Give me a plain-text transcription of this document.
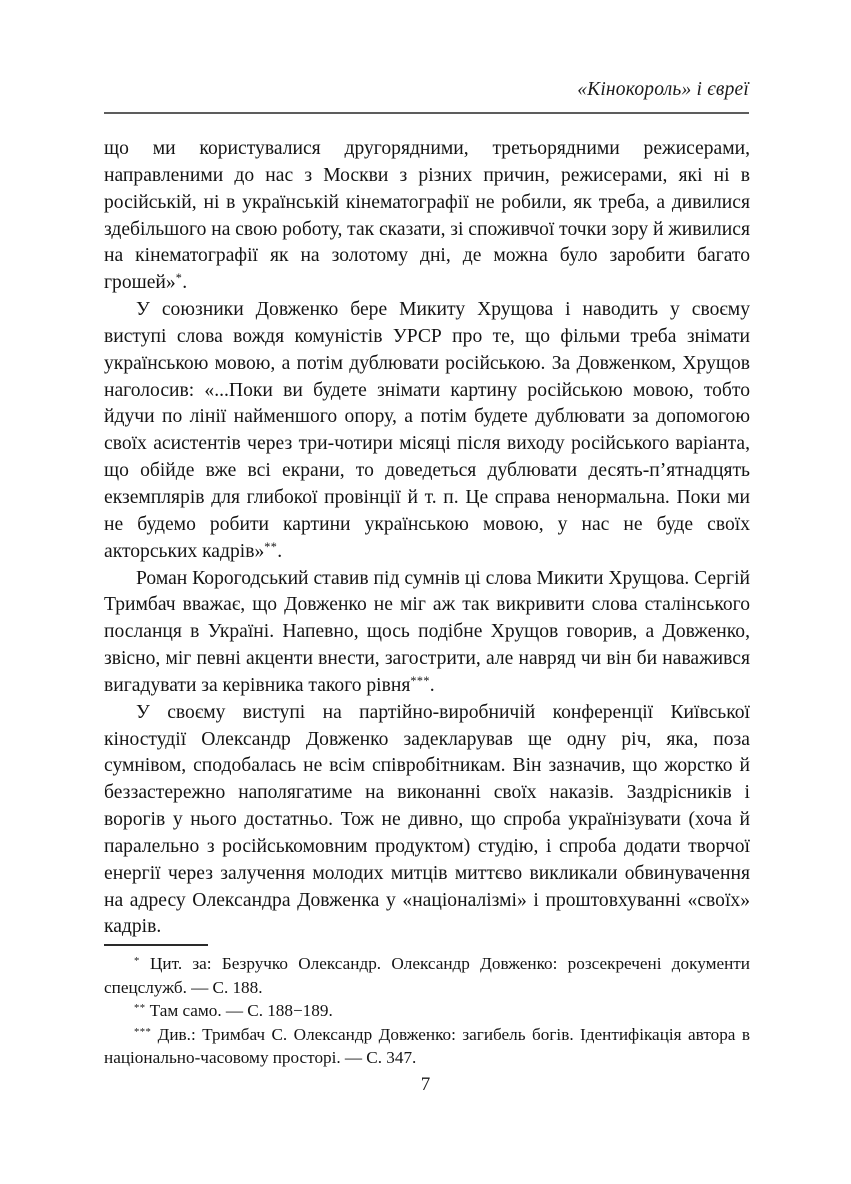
«Кінокороль» і євреї

що ми користувалися другорядними, третьорядними режисерами, направленими до нас з Москви з різних причин, режисерами, які ні в російській, ні в українській кінематографії не робили, як треба, а дивилися здебільшого на свою роботу, так сказати, зі споживчої точки зору й живилися на кінематографії як на золотому дні, де можна було заробити багато грошей»*.

У союзники Довженко бере Микиту Хрущова і наводить у своєму виступі слова вождя комуністів УРСР про те, що фільми треба знімати українською мовою, а потім дублювати російською. За Довженком, Хрущов наголосив: «...Поки ви будете знімати картину російською мовою, тобто йдучи по лінії найменшого опору, а потім будете дублювати за допомогою своїх асистентів через три-чотири місяці після виходу російського варіанта, що обійде вже всі екрани, то доведеться дублювати десять-п’ятнадцять екземплярів для глибокої провінції й т. п. Це справа ненормальна. Поки ми не будемо робити картини українською мовою, у нас не буде своїх акторських кадрів»**.

Роман Корогодський ставив під сумнів ці слова Микити Хрущова. Сергій Тримбач вважає, що Довженко не міг аж так викривити слова сталінського посланця в Україні. Напевно, щось подібне Хрущов говорив, а Довженко, звісно, міг певні акценти внести, загострити, але навряд чи він би наважився вигадувати за керівника такого рівня***.

У своєму виступі на партійно-виробничій конференції Київської кіностудії Олександр Довженко задекларував ще одну річ, яка, поза сумнівом, сподобалась не всім співробітникам. Він зазначив, що жорстко й беззастережно наполягатиме на виконанні своїх наказів. Заздрісників і ворогів у нього достатньо. Тож не дивно, що спроба українізувати (хоча й паралельно з російськомовним продуктом) студію, і спроба додати творчої енергії через залучення молодих митців миттєво викликали обвинувачення на адресу Олександра Довженка у «націоналізмі» і проштовхуванні «своїх» кадрів.

* Цит. за: Безручко Олександр. Олександр Довженко: розсекречені документи спецслужб. — С. 188.

** Там само. — С. 188−189.

*** Див.: Тримбач С. Олександр Довженко: загибель богів. Ідентифікація автора в національно-часовому просторі. — С. 347.

7
